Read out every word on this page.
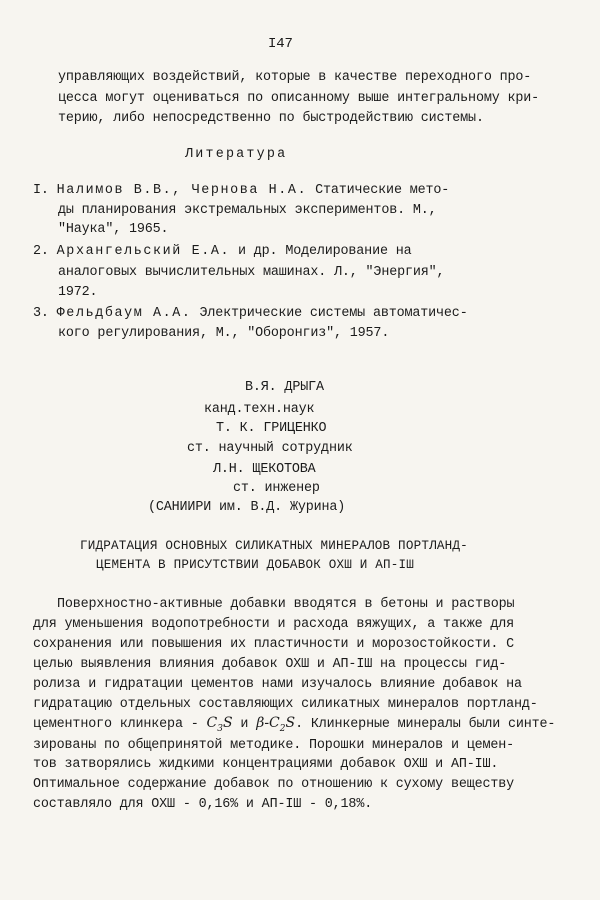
I47
управляющих воздействий, которые в качестве переходного про-
цесса могут оцениваться по описанному выше интегральному кри-
терию, либо непосредственно по быстродействию системы.
Литература
I. Налимов В.В., Чернова Н.А. Статические мето-
ды планирования экстремальных экспериментов. М.,
"Наука", 1965.
2. Архангельский Е.А. и др. Моделирование на
аналоговых вычислительных машинах. Л., "Энергия",
1972.
3. Фельдбаум А.А. Электрические системы автоматичес-
кого регулирования, М., "Оборонгиз", 1957.
В.Я. ДРЫГА
канд.техн.наук
Т. К. ГРИЦЕНКО
ст. научный сотрудник
Л.Н. ЩЕКОТОВА
ст. инженер
(САНИИРИ им. В.Д. Журина)
ГИДРАТАЦИЯ ОСНОВНЫХ СИЛИКАТНЫХ МИНЕРАЛОВ ПОРТЛАНД-
ЦЕМЕНТА В ПРИСУТСТВИИ ДОБАВОК ОХШ И АП-IШ
Поверхностно-активные добавки вводятся в бетоны и растворы
для уменьшения водопотребности и расхода вяжущих, а также для
сохранения или повышения их пластичности и морозостойкости. С
целью выявления влияния добавок ОХШ и АП-IШ на процессы гид-
ролиза и гидратации цементов нами изучалось влияние добавок на
гидратацию отдельных составляющих силикатных минералов портланд-
цементного клинкера - $C_3S$ и $\beta-C_2S$. Клинкерные минералы были синте-
зированы по общепринятой методике. Порошки минералов и цемен-
тов затворялись жидкими концентрациями добавок ОХШ и АП-IШ.
Оптимальное содержание добавок по отношению к сухому веществу
составляло для ОХШ - 0,16% и АП-IШ - 0,18%.
